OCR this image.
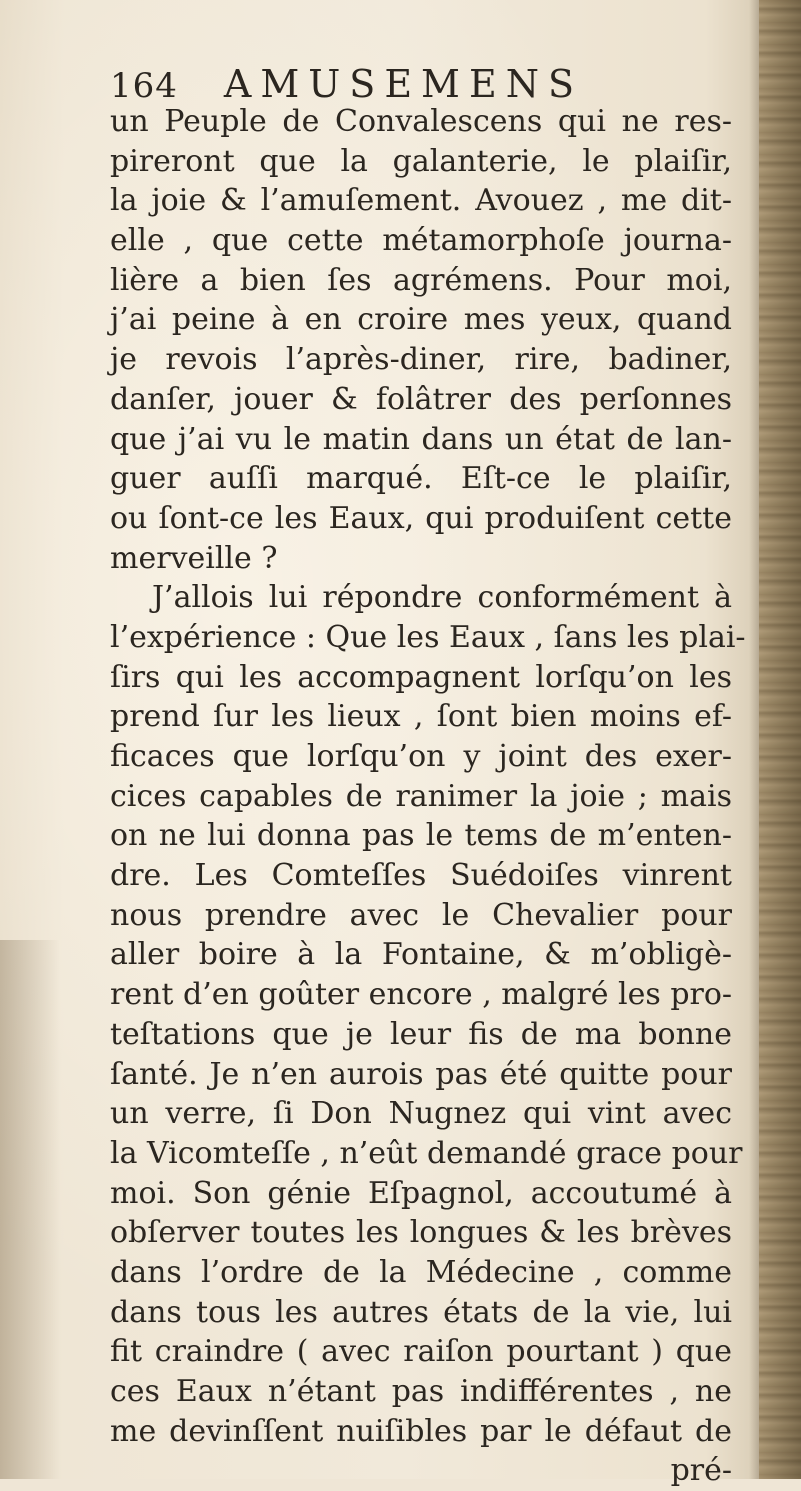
164 AMUSEMENS
un Peuple de Convalescens qui ne res-
pireront que la galanterie, le plaiſir,
la joie & l’amuſement. Avouez , me dit-
elle , que cette métamorphoſe journa-
lière a bien ſes agrémens. Pour moi,
j’ai peine à en croire mes yeux, quand
je revois l’après-diner, rire, badiner,
danſer, jouer & folâtrer des perſonnes
que j’ai vu le matin dans un état de lan-
guer auſſi marqué. Eſt-ce le plaiſir,
ou ſont-ce les Eaux, qui produiſent cette
merveille ?
J’allois lui répondre conformément à
l’expérience : Que les Eaux , ſans les plai-
ſirs qui les accompagnent lorſqu’on les
prend ſur les lieux , ſont bien moins ef-
ficaces que lorſqu’on y joint des exer-
cices capables de ranimer la joie ; mais
on ne lui donna pas le tems de m’enten-
dre. Les Comteſſes Suédoiſes vinrent
nous prendre avec le Chevalier pour
aller boire à la Fontaine, & m’obligè-
rent d’en goûter encore , malgré les pro-
teſtations que je leur fis de ma bonne
ſanté. Je n’en aurois pas été quitte pour
un verre, ſi Don Nugnez qui vint avec
la Vicomteſſe , n’eût demandé grace pour
moi. Son génie Eſpagnol, accoutumé à
obſerver toutes les longues & les brèves
dans l’ordre de la Médecine , comme
dans tous les autres états de la vie, lui
fit craindre ( avec raiſon pourtant ) que
ces Eaux n’étant pas indifférentes , ne
me devinſſent nuiſibles par le défaut de
pré-
